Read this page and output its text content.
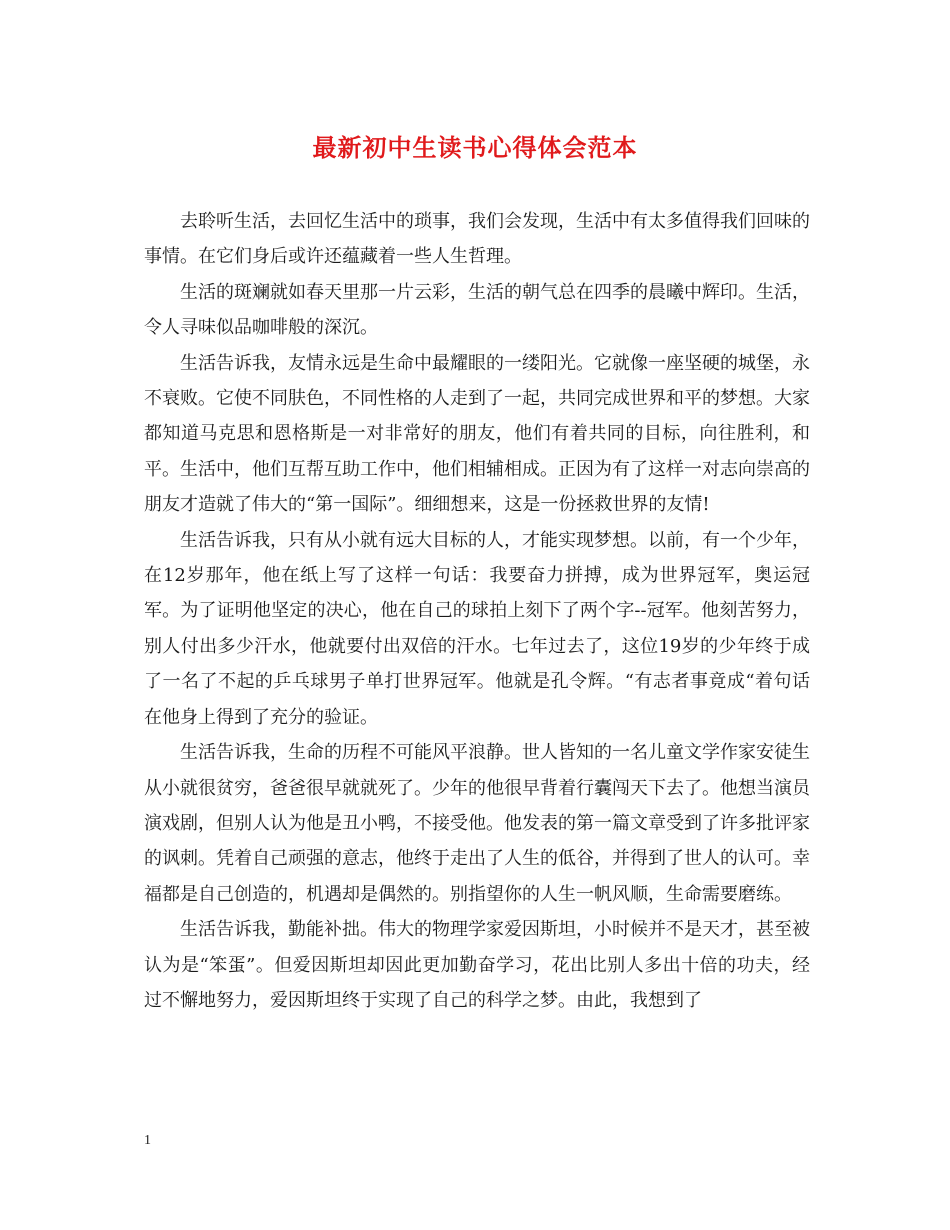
最新初中生读书心得体会范本

去聆听生活，去回忆生活中的琐事，我们会发现，生活中有太多值得我们回味的事情。在它们身后或许还蕴藏着一些人生哲理。

生活的斑斓就如春天里那一片云彩，生活的朝气总在四季的晨曦中辉印。生活，令人寻味似品咖啡般的深沉。

生活告诉我，友情永远是生命中最耀眼的一缕阳光。它就像一座坚硬的城堡，永不衰败。它使不同肤色，不同性格的人走到了一起，共同完成世界和平的梦想。大家都知道马克思和恩格斯是一对非常好的朋友，他们有着共同的目标，向往胜利，和平。生活中，他们互帮互助工作中，他们相辅相成。正因为有了这样一对志向崇高的朋友才造就了伟大的“第一国际”。细细想来，这是一份拯救世界的友情!

生活告诉我，只有从小就有远大目标的人，才能实现梦想。以前，有一个少年，在12岁那年，他在纸上写了这样一句话：我要奋力拼搏，成为世界冠军，奥运冠军。为了证明他坚定的决心，他在自己的球拍上刻下了两个字--冠军。他刻苦努力，别人付出多少汗水，他就要付出双倍的汗水。七年过去了，这位19岁的少年终于成了一名了不起的乒乓球男子单打世界冠军。他就是孔令辉。“有志者事竟成“着句话在他身上得到了充分的验证。

生活告诉我，生命的历程不可能风平浪静。世人皆知的一名儿童文学作家安徒生从小就很贫穷，爸爸很早就就死了。少年的他很早背着行囊闯天下去了。他想当演员演戏剧，但别人认为他是丑小鸭，不接受他。他发表的第一篇文章受到了许多批评家的讽刺。凭着自己顽强的意志，他终于走出了人生的低谷，并得到了世人的认可。幸福都是自己创造的，机遇却是偶然的。别指望你的人生一帆风顺，生命需要磨练。

生活告诉我，勤能补拙。伟大的物理学家爱因斯坦，小时候并不是天才，甚至被认为是“笨蛋”。但爱因斯坦却因此更加勤奋学习，花出比别人多出十倍的功夫，经过不懈地努力，爱因斯坦终于实现了自己的科学之梦。由此，我想到了

1
